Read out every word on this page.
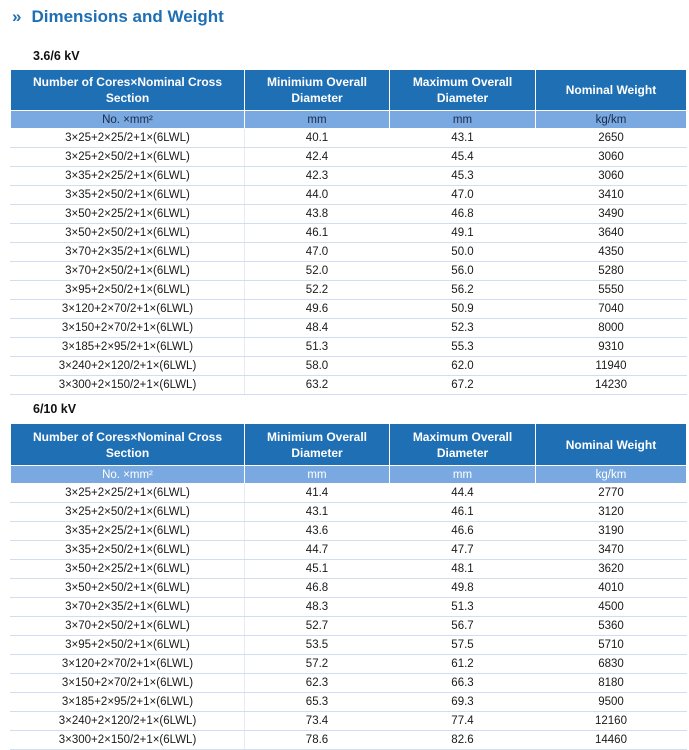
» Dimensions and Weight
3.6/6 kV
Number of Cores×Nominal Cross Section	Minimium Overall Diameter	Maximum Overall Diameter	Nominal Weight
No. ×mm²	mm	mm	kg/km
3×25+2×25/2+1×(6LWL)	40.1	43.1	2650
3×25+2×50/2+1×(6LWL)	42.4	45.4	3060
3×35+2×25/2+1×(6LWL)	42.3	45.3	3060
3×35+2×50/2+1×(6LWL)	44.0	47.0	3410
3×50+2×25/2+1×(6LWL)	43.8	46.8	3490
3×50+2×50/2+1×(6LWL)	46.1	49.1	3640
3×70+2×35/2+1×(6LWL)	47.0	50.0	4350
3×70+2×50/2+1×(6LWL)	52.0	56.0	5280
3×95+2×50/2+1×(6LWL)	52.2	56.2	5550
3×120+2×70/2+1×(6LWL)	49.6	50.9	7040
3×150+2×70/2+1×(6LWL)	48.4	52.3	8000
3×185+2×95/2+1×(6LWL)	51.3	55.3	9310
3×240+2×120/2+1×(6LWL)	58.0	62.0	11940
3×300+2×150/2+1×(6LWL)	63.2	67.2	14230
6/10 kV
Number of Cores×Nominal Cross Section	Minimium Overall Diameter	Maximum Overall Diameter	Nominal Weight
No. ×mm²	mm	mm	kg/km
3×25+2×25/2+1×(6LWL)	41.4	44.4	2770
3×25+2×50/2+1×(6LWL)	43.1	46.1	3120
3×35+2×25/2+1×(6LWL)	43.6	46.6	3190
3×35+2×50/2+1×(6LWL)	44.7	47.7	3470
3×50+2×25/2+1×(6LWL)	45.1	48.1	3620
3×50+2×50/2+1×(6LWL)	46.8	49.8	4010
3×70+2×35/2+1×(6LWL)	48.3	51.3	4500
3×70+2×50/2+1×(6LWL)	52.7	56.7	5360
3×95+2×50/2+1×(6LWL)	53.5	57.5	5710
3×120+2×70/2+1×(6LWL)	57.2	61.2	6830
3×150+2×70/2+1×(6LWL)	62.3	66.3	8180
3×185+2×95/2+1×(6LWL)	65.3	69.3	9500
3×240+2×120/2+1×(6LWL)	73.4	77.4	12160
3×300+2×150/2+1×(6LWL)	78.6	82.6	14460
